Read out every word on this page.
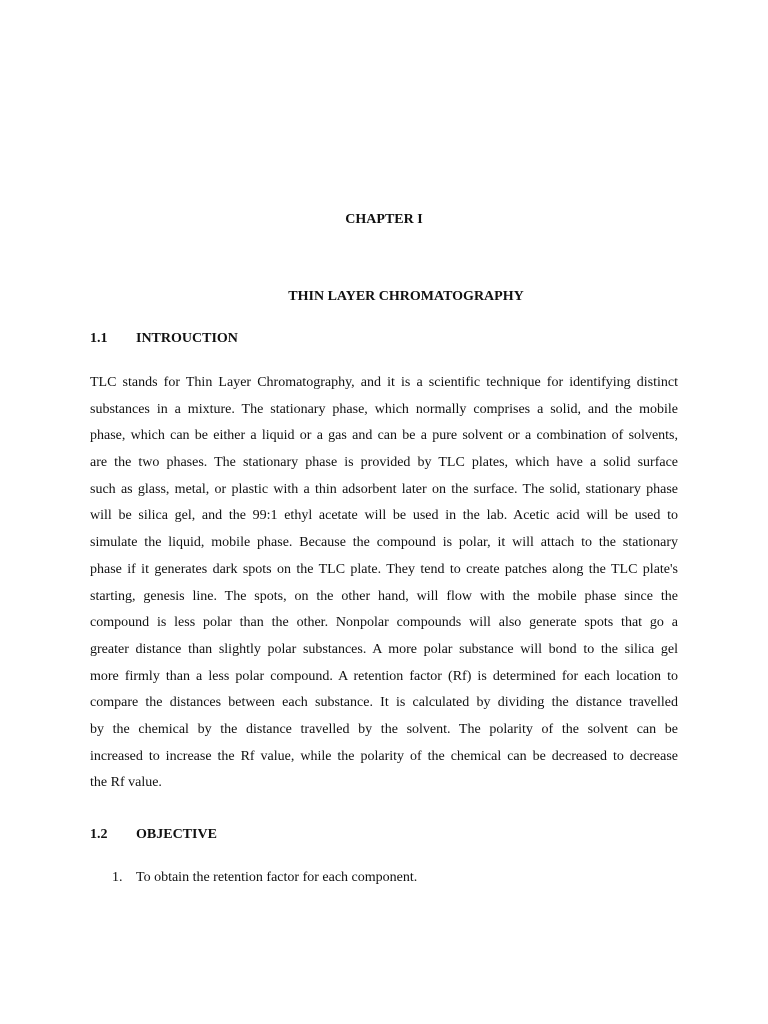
CHAPTER I
THIN LAYER CHROMATOGRAPHY
1.1 INTROUCTION
TLC stands for Thin Layer Chromatography, and it is a scientific technique for identifying distinct
substances in a mixture. The stationary phase, which normally comprises a solid, and the mobile
phase, which can be either a liquid or a gas and can be a pure solvent or a combination of solvents,
are the two phases. The stationary phase is provided by TLC plates, which have a solid surface
such as glass, metal, or plastic with a thin adsorbent later on the surface. The solid, stationary phase
will be silica gel, and the 99:1 ethyl acetate will be used in the lab. Acetic acid will be used to
simulate the liquid, mobile phase. Because the compound is polar, it will attach to the stationary
phase if it generates dark spots on the TLC plate. They tend to create patches along the TLC plate's
starting, genesis line. The spots, on the other hand, will flow with the mobile phase since the
compound is less polar than the other. Nonpolar compounds will also generate spots that go a
greater distance than slightly polar substances. A more polar substance will bond to the silica gel
more firmly than a less polar compound. A retention factor (Rf) is determined for each location to
compare the distances between each substance. It is calculated by dividing the distance travelled
by the chemical by the distance travelled by the solvent. The polarity of the solvent can be
increased to increase the Rf value, while the polarity of the chemical can be decreased to decrease
the Rf value.
1.2 OBJECTIVE
1. To obtain the retention factor for each component.
